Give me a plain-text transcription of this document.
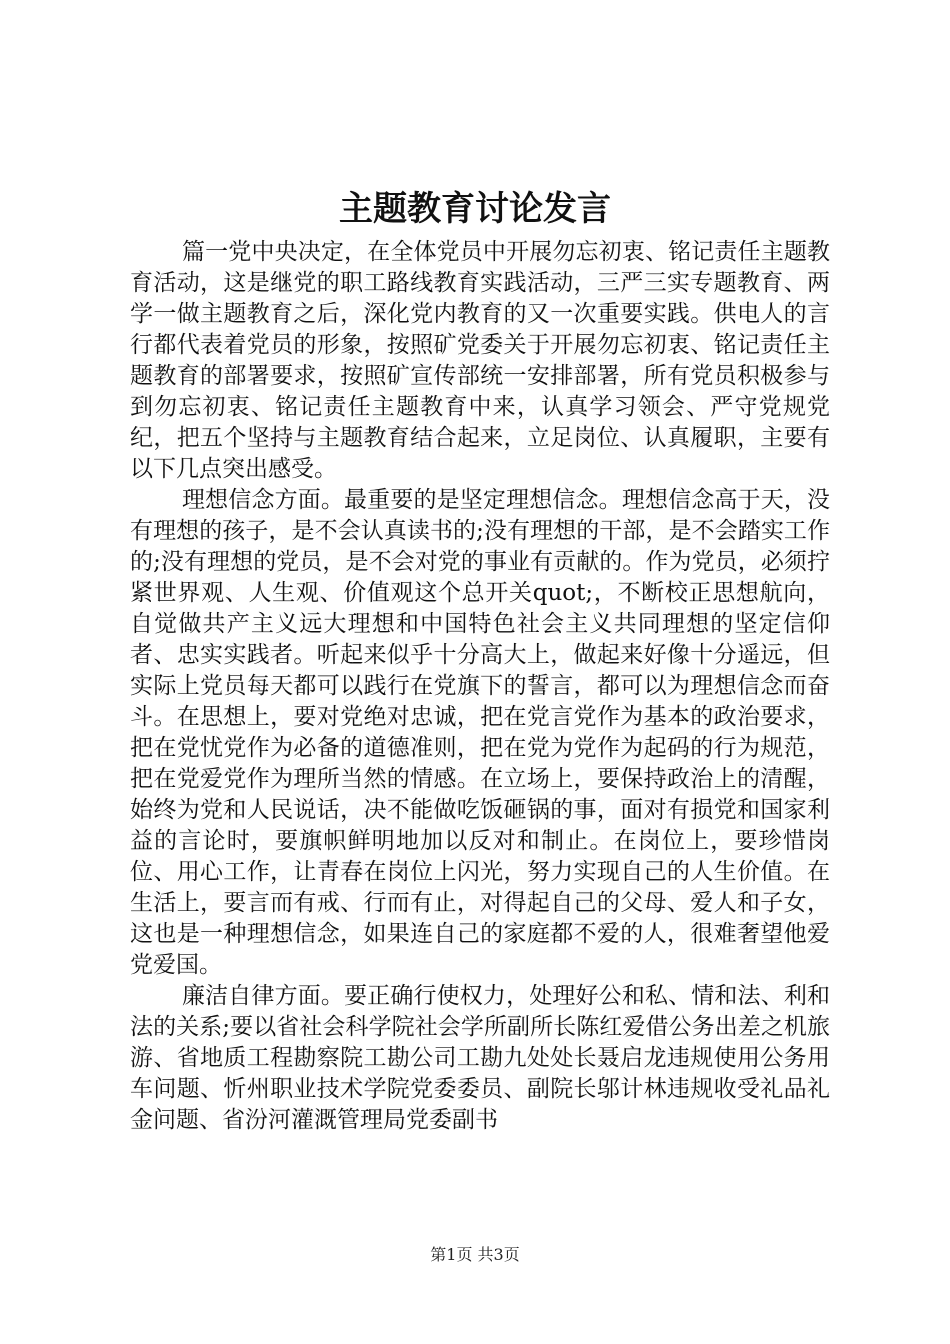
主题教育讨论发言

篇一党中央决定，在全体党员中开展勿忘初衷、铭记责任主题教育活动，这是继党的职工路线教育实践活动，三严三实专题教育、两学一做主题教育之后，深化党内教育的又一次重要实践。供电人的言行都代表着党员的形象，按照矿党委关于开展勿忘初衷、铭记责任主题教育的部署要求，按照矿宣传部统一安排部署，所有党员积极参与到勿忘初衷、铭记责任主题教育中来，认真学习领会、严守党规党纪，把五个坚持与主题教育结合起来，立足岗位、认真履职，主要有以下几点突出感受。

理想信念方面。最重要的是坚定理想信念。理想信念高于天，没有理想的孩子，是不会认真读书的;没有理想的干部，是不会踏实工作的;没有理想的党员，是不会对党的事业有贡献的。作为党员，必须拧紧世界观、人生观、价值观这个总开关quot;，不断校正思想航向，自觉做共产主义远大理想和中国特色社会主义共同理想的坚定信仰者、忠实实践者。听起来似乎十分高大上，做起来好像十分遥远，但实际上党员每天都可以践行在党旗下的誓言，都可以为理想信念而奋斗。在思想上，要对党绝对忠诚，把在党言党作为基本的政治要求，把在党忧党作为必备的道德准则，把在党为党作为起码的行为规范，把在党爱党作为理所当然的情感。在立场上，要保持政治上的清醒，始终为党和人民说话，决不能做吃饭砸锅的事，面对有损党和国家利益的言论时，要旗帜鲜明地加以反对和制止。在岗位上，要珍惜岗位、用心工作，让青春在岗位上闪光，努力实现自己的人生价值。在生活上，要言而有戒、行而有止，对得起自己的父母、爱人和子女，这也是一种理想信念，如果连自己的家庭都不爱的人，很难奢望他爱党爱国。

廉洁自律方面。要正确行使权力，处理好公和私、情和法、利和法的关系;要以省社会科学院社会学所副所长陈红爱借公务出差之机旅游、省地质工程勘察院工勘公司工勘九处处长聂启龙违规使用公务用车问题、忻州职业技术学院党委委员、副院长邬计林违规收受礼品礼金问题、省汾河灌溉管理局党委副书

第1页 共3页
